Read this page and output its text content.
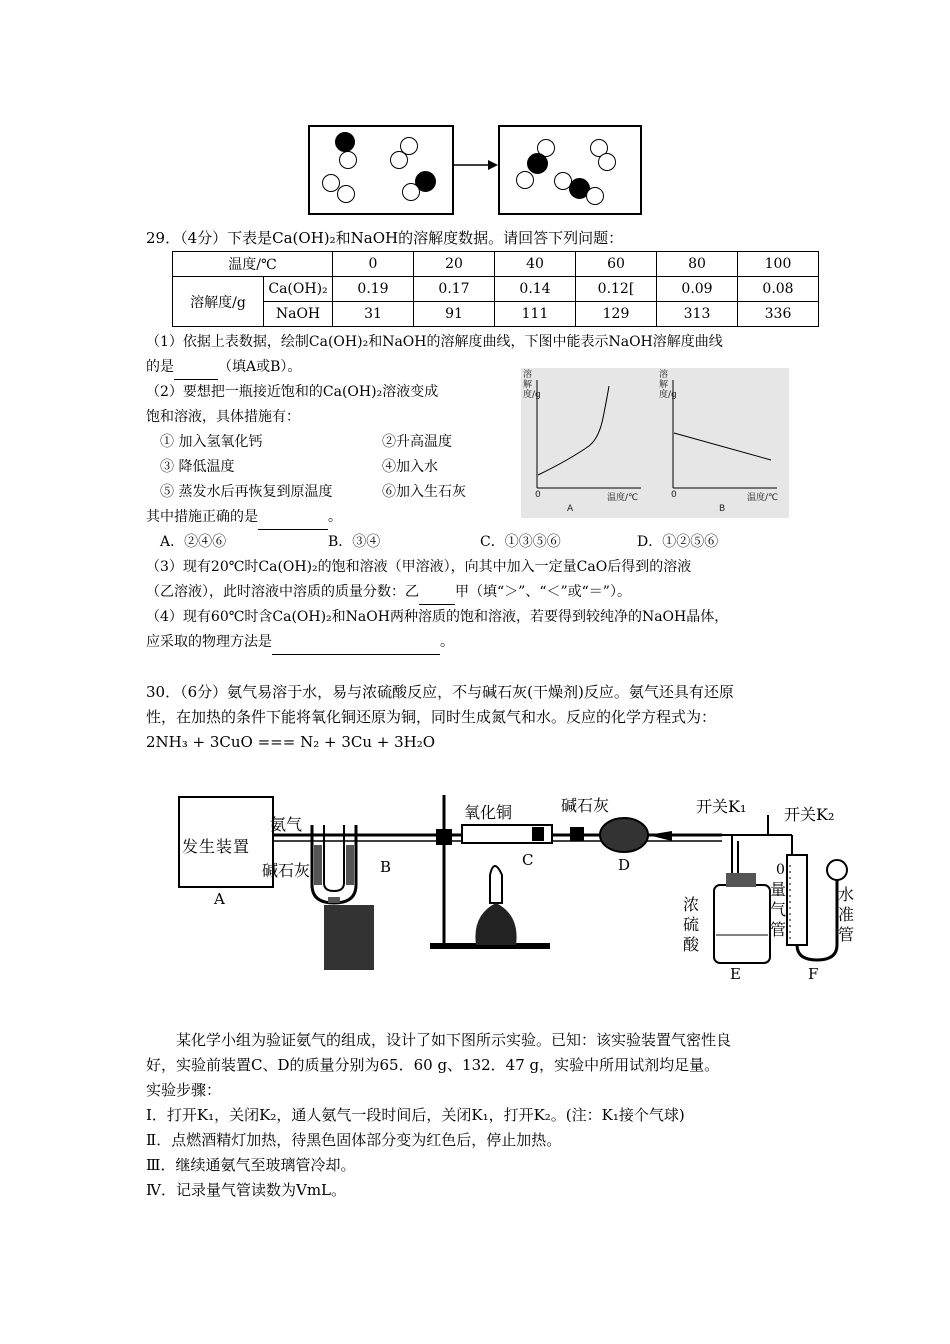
29．（4分）下表是Ca(OH)₂和NaOH的溶解度数据。请回答下列问题：
温度/℃		0	20	40	60	80	100
溶解度/g	Ca(OH)₂	0.19	0.17	0.14	0.12[	0.09	0.08
	NaOH	31	91	111	129	313	336
（1）依据上表数据，绘制Ca(OH)₂和NaOH的溶解度曲线，下图中能表示NaOH溶解度曲线
的是	（填A或B）。
（2）要想把一瓶接近饱和的Ca(OH)₂溶液变成
饱和溶液，具体措施有：
① 加入氢氧化钙	②升高温度
③ 降低温度	④加入水
⑤ 蒸发水后再恢复到原温度	⑥加入生石灰
其中措施正确的是	。
A．②④⑥	B．③④	C．①③⑤⑥	D．①②⑤⑥
（3）现有20℃时Ca(OH)₂的饱和溶液（甲溶液），向其中加入一定量CaO后得到的溶液
（乙溶液），此时溶液中溶质的质量分数：乙	甲（填“＞”、“＜”或“＝”）。
（4）现有60℃时含Ca(OH)₂和NaOH两种溶质的饱和溶液，若要得到较纯净的NaOH晶体，
应采取的物理方法是	。
溶解度/g
溶解度/g
0	0
温度/℃	温度/℃
A	B
30．（6分）氨气易溶于水，易与浓硫酸反应，不与碱石灰(干燥剂)反应。氨气还具有还原
性，在加热的条件下能将氧化铜还原为铜，同时生成氮气和水。反应的化学方程式为：
2NH₃ + 3CuO === N₂ + 3Cu + 3H₂O
发生装置
氨气
碱石灰
氧化铜	碱石灰	开关K₁ 开关K₂
浓硫酸
量气管
水准管
0
A
B	C	D
E	F
某化学小组为验证氨气的组成，设计了如下图所示实验。已知：该实验装置气密性良
好，实验前装置C、D的质量分别为65．60 g、132．47 g，实验中所用试剂均足量。
实验步骤：
I．打开K₁，关闭K₂，通人氨气一段时间后，关闭K₁，打开K₂。(注：K₁接个气球)
Ⅱ．点燃酒精灯加热，待黑色固体部分变为红色后，停止加热。
Ⅲ．继续通氨气至玻璃管冷却。
Ⅳ．记录量气管读数为VmL。
